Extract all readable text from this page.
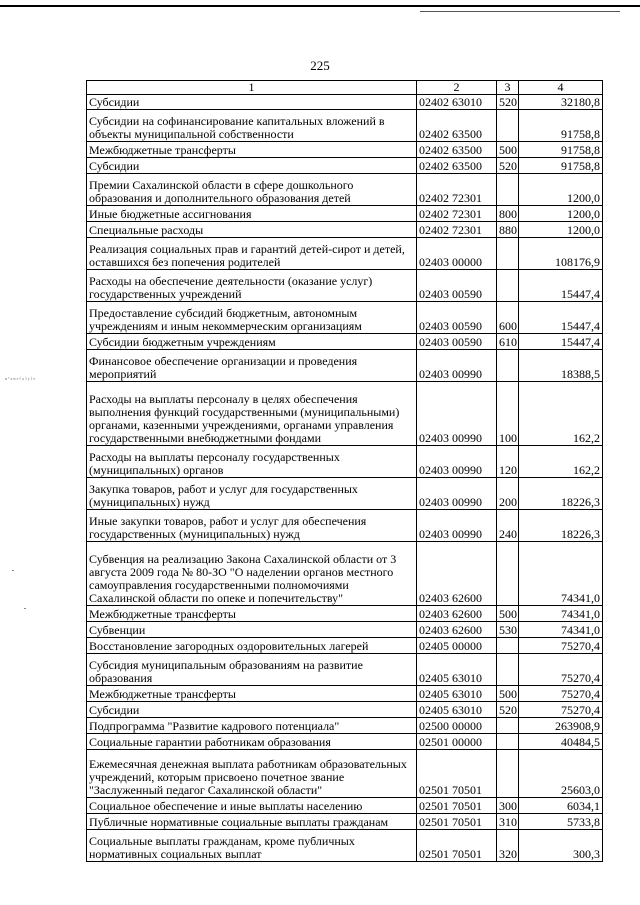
225
ⁿ'ᵃⁿᵉ⁽ᵃ⁾ʸ⁾ᵉ
1	2	3	4
Субсидии	02402 63010	520	32180,8
Субсидии на софинансирование капитальных вложений в объекты муниципальной собственности	02402 63500		91758,8
Межбюджетные трансферты	02402 63500	500	91758,8
Субсидии	02402 63500	520	91758,8
Премии Сахалинской области в сфере дошкольного образования и дополнительного образования детей	02402 72301		1200,0
Иные бюджетные ассигнования	02402 72301	800	1200,0
Специальные расходы	02402 72301	880	1200,0
Реализация социальных прав и гарантий детей-сирот и детей, оставшихся без попечения родителей	02403 00000		108176,9
Расходы на обеспечение деятельности (оказание услуг) государственных учреждений	02403 00590		15447,4
Предоставление субсидий бюджетным, автономным учреждениям и иным некоммерческим организациям	02403 00590	600	15447,4
Субсидии бюджетным учреждениям	02403 00590	610	15447,4
Финансовое обеспечение организации и проведения мероприятий	02403 00990		18388,5
Расходы на выплаты персоналу в целях обеспечения выполнения функций государственными (муниципальными) органами, казенными учреждениями, органами управления государственными внебюджетными фондами	02403 00990	100	162,2
Расходы на выплаты персоналу государственных (муниципальных) органов	02403 00990	120	162,2
Закупка товаров, работ и услуг для государственных (муниципальных) нужд	02403 00990	200	18226,3
Иные закупки товаров, работ и услуг для обеспечения государственных (муниципальных) нужд	02403 00990	240	18226,3
Субвенция на реализацию Закона Сахалинской области от 3 августа 2009 года № 80-ЗО "О наделении органов местного самоуправления государственными полномочиями Сахалинской области по опеке и попечительству"	02403 62600		74341,0
Межбюджетные трансферты	02403 62600	500	74341,0
Субвенции	02403 62600	530	74341,0
Восстановление загородных оздоровительных лагерей	02405 00000		75270,4
Субсидия муниципальным образованиям на развитие образования	02405 63010		75270,4
Межбюджетные трансферты	02405 63010	500	75270,4
Субсидии	02405 63010	520	75270,4
Подпрограмма "Развитие кадрового потенциала"	02500 00000		263908,9
Социальные гарантии работникам образования	02501 00000		40484,5
Ежемесячная денежная выплата работникам образовательных учреждений, которым присвоено почетное звание "Заслуженный педагог Сахалинской области"	02501 70501		25603,0
Социальное обеспечение и иные выплаты населению	02501 70501	300	6034,1
Публичные нормативные социальные выплаты гражданам	02501 70501	310	5733,8
Социальные выплаты гражданам, кроме публичных нормативных социальных выплат	02501 70501	320	300,3
